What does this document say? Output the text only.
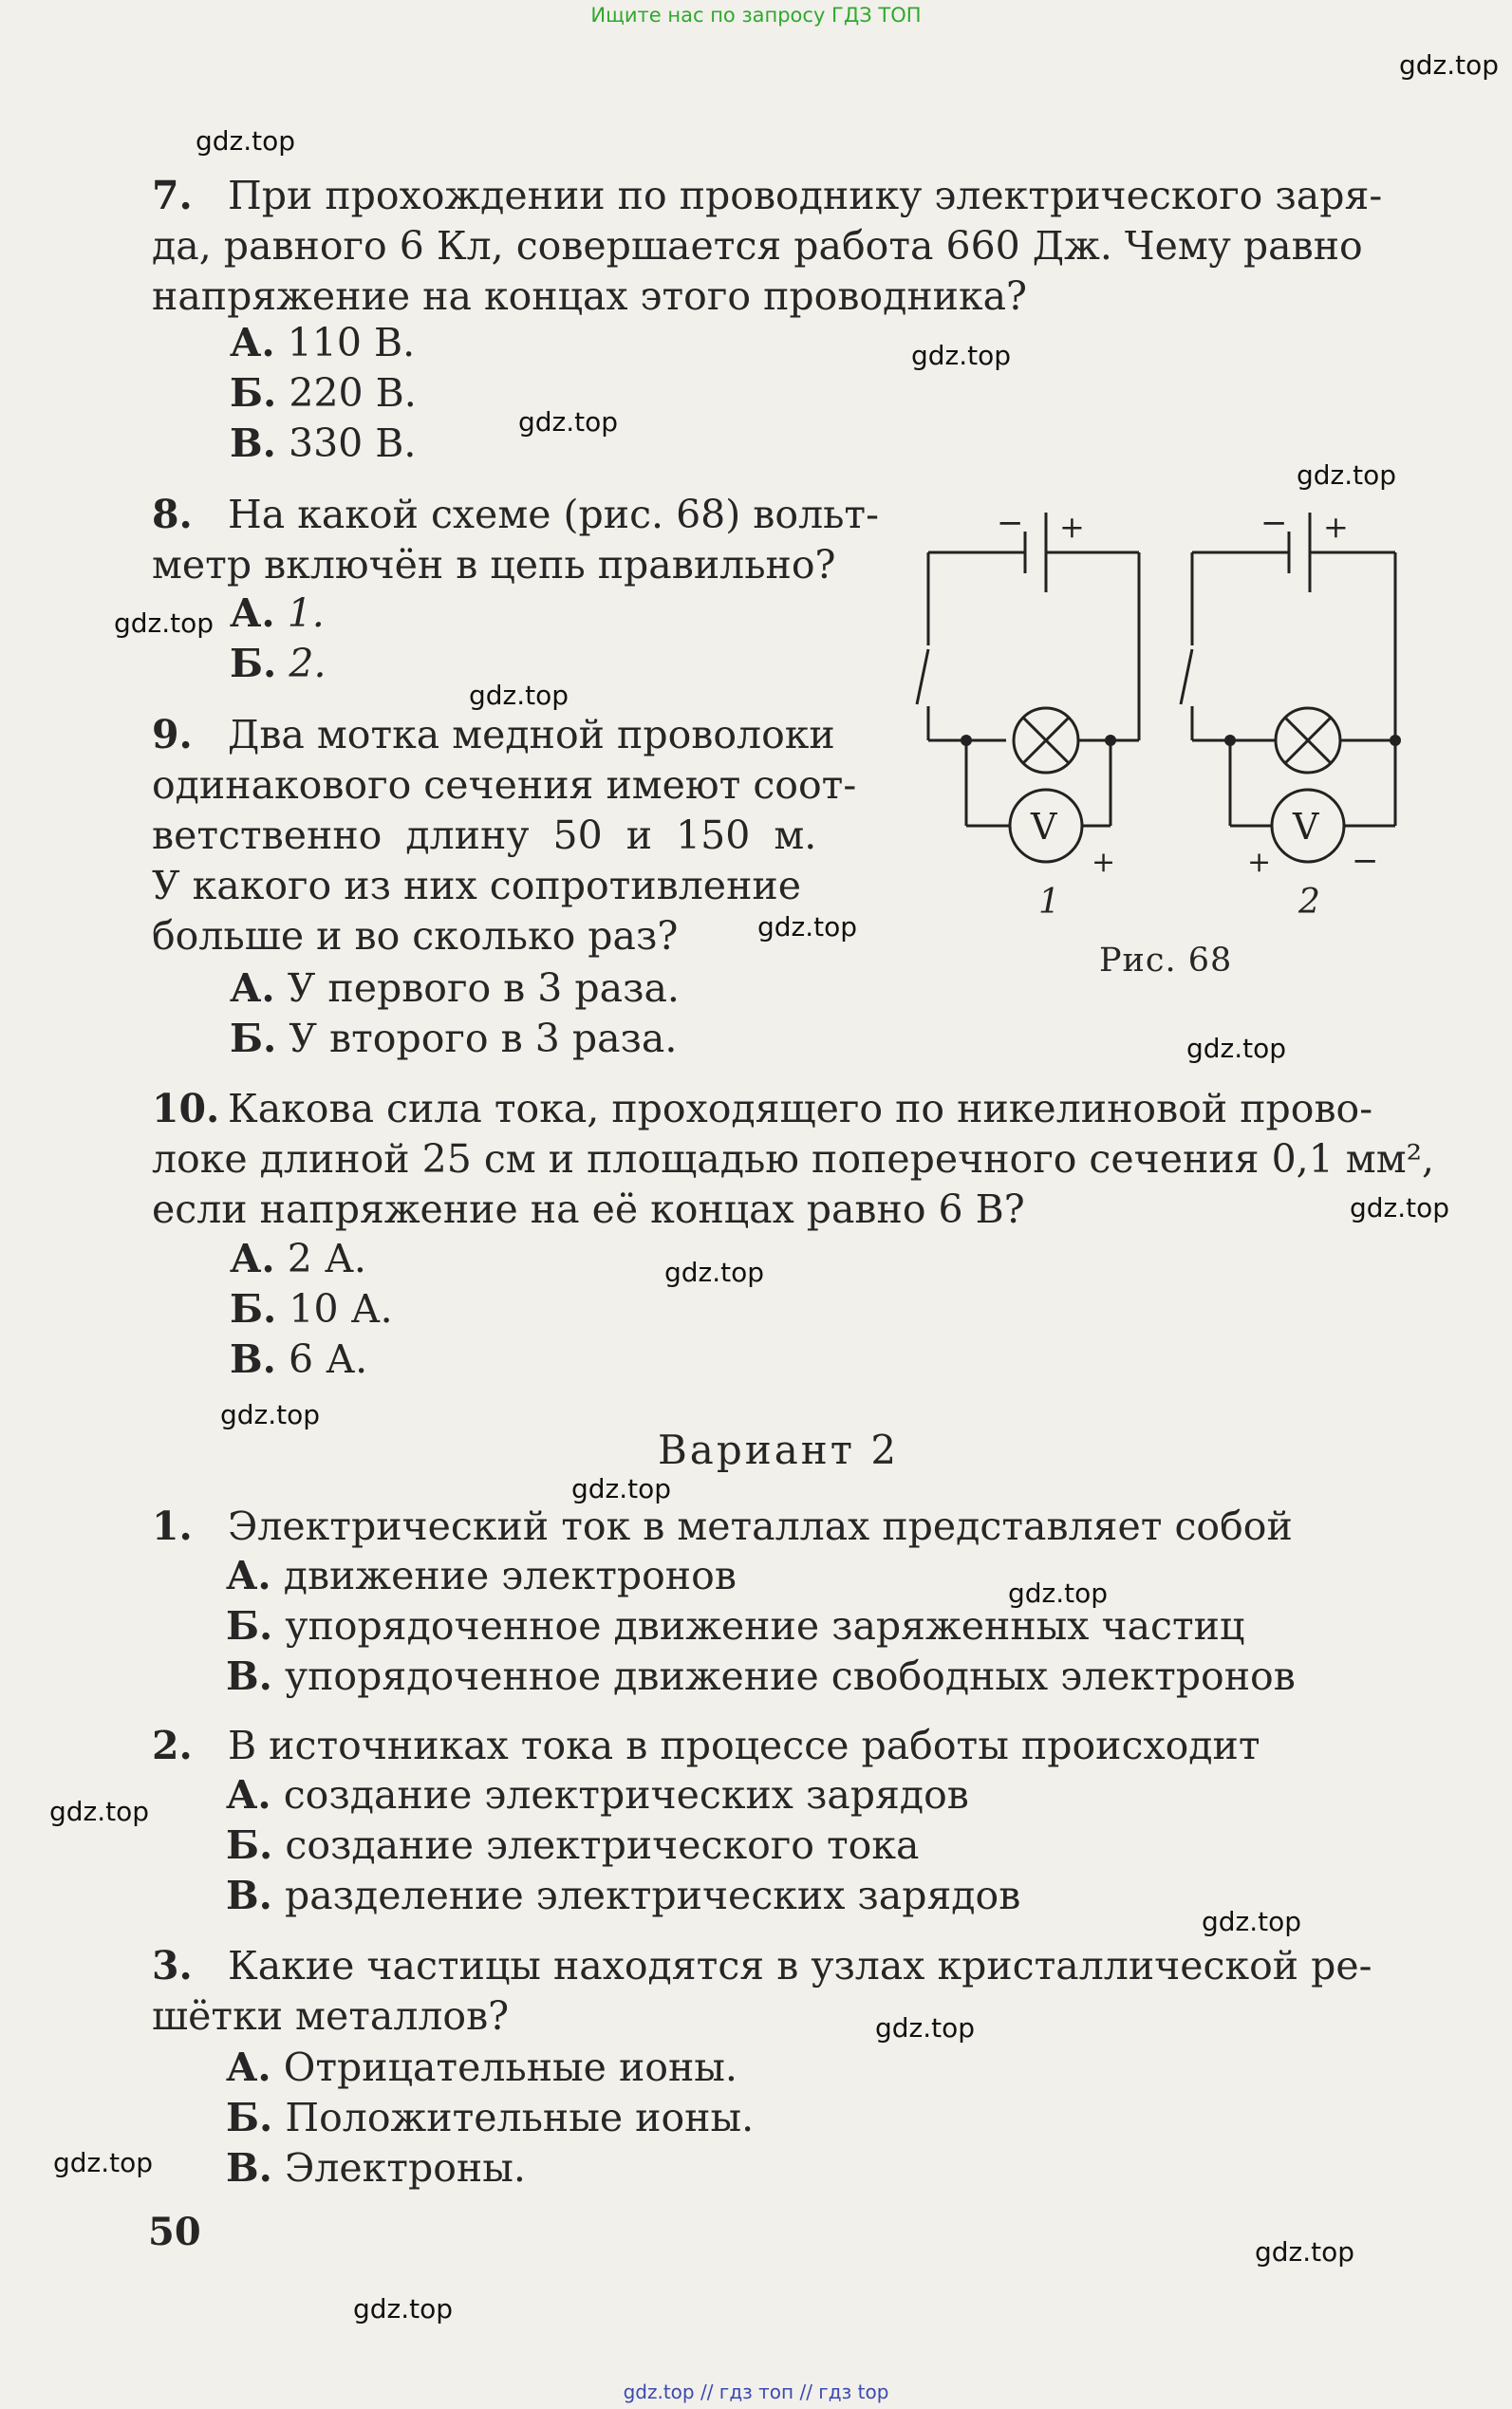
Ищите нас по запросу ГДЗ ТОП
gdz.top
gdz.top
gdz.top
gdz.top
gdz.top
gdz.top
gdz.top
gdz.top
gdz.top
gdz.top
gdz.top
gdz.top
gdz.top
gdz.top
gdz.top
gdz.top
gdz.top
gdz.top
gdz.top
gdz.top
7. При прохождении по проводнику электрического заря-
да, равного 6 Кл, совершается работа 660 Дж. Чему равно
напряжение на концах этого проводника?
А. 110 В.
Б. 220 В.
В. 330 В.
8. На какой схеме (рис. 68) вольт-
метр включён в цепь правильно?
А. 1.
Б. 2.
9. Два мотка медной проволоки
одинакового сечения имеют соот-
ветственно длину 50 и 150 м.
У какого из них сопротивление
больше и во сколько раз?
А. У первого в 3 раза.
Б. У второго в 3 раза.
− +
V
+
− +
V
+ −
1	2
Рис. 68
10. Какова сила тока, проходящего по никелиновой прово-
локе длиной 25 см и площадью поперечного сечения 0,1 мм²,
если напряжение на её концах равно 6 В?
А. 2 А.
Б. 10 А.
В. 6 А.
Вариант 2
1. Электрический ток в металлах представляет собой
А. движение электронов
Б. упорядоченное движение заряженных частиц
В. упорядоченное движение свободных электронов
2. В источниках тока в процессе работы происходит
А. создание электрических зарядов
Б. создание электрического тока
В. разделение электрических зарядов
3. Какие частицы находятся в узлах кристаллической ре-
шётки металлов?
А. Отрицательные ионы.
Б. Положительные ионы.
В. Электроны.
50
gdz.top // гдз топ // гдз top
